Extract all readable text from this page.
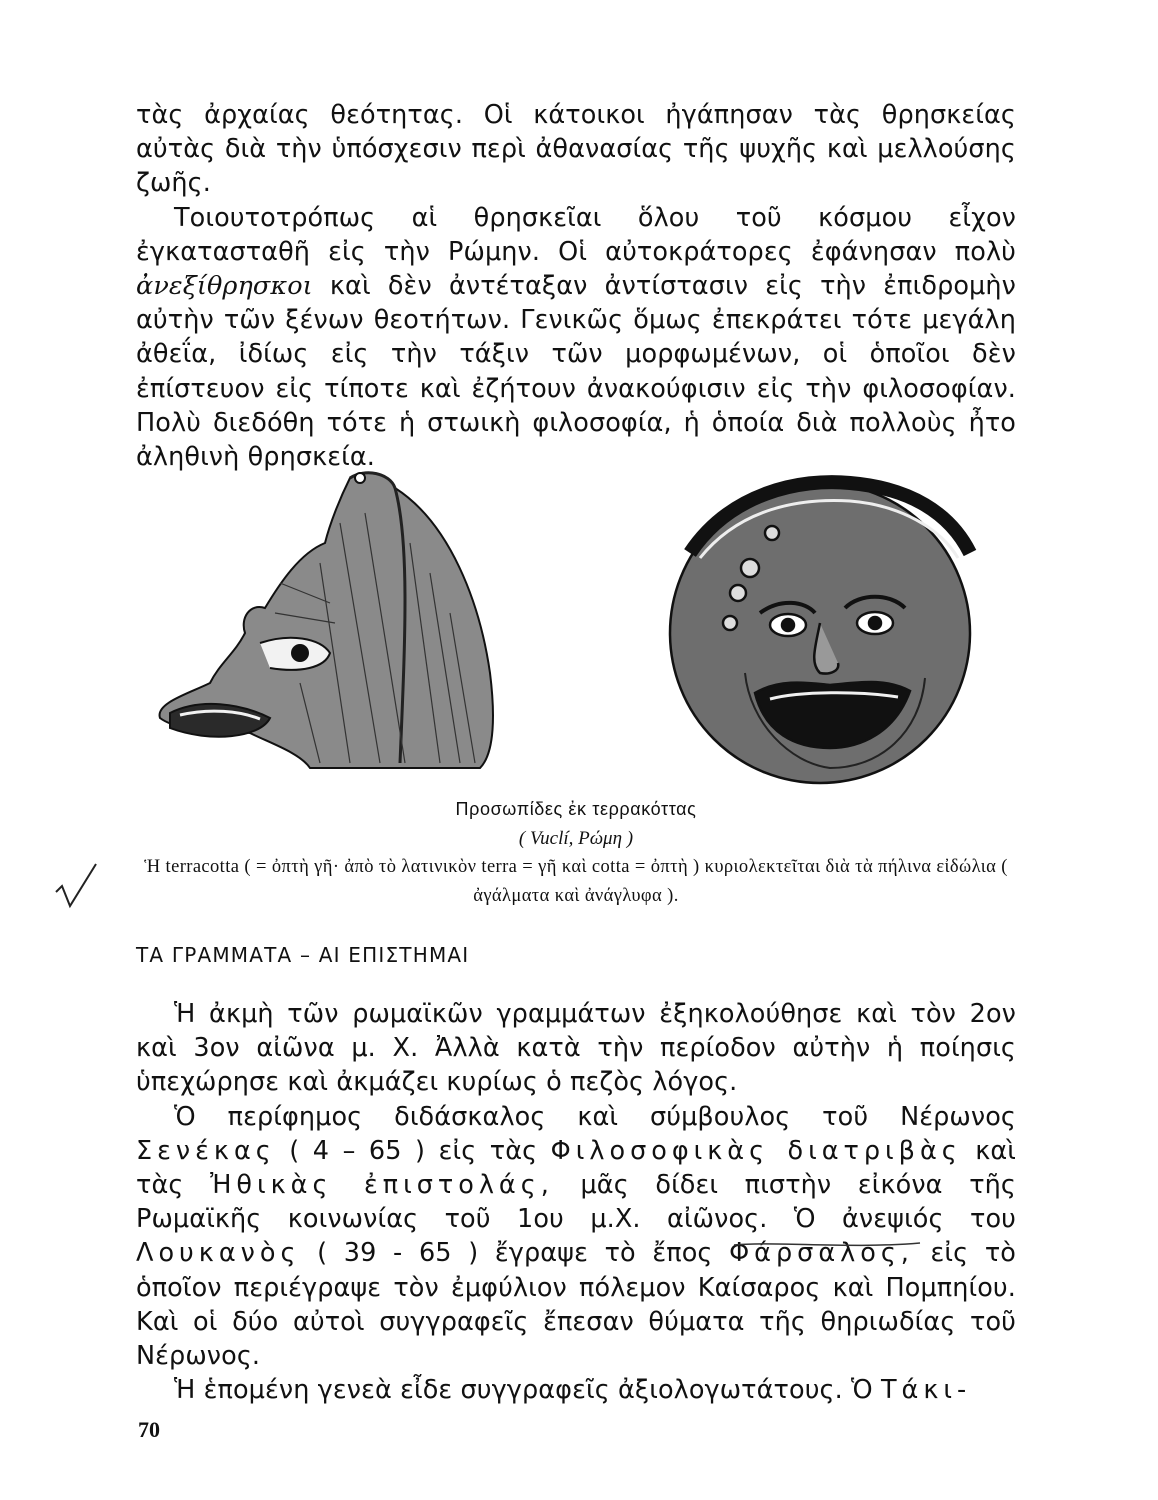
τὰς ἀρχαίας θεότητας. Οἱ κάτοικοι ἠγάπησαν τὰς θρησκείας αὐτὰς διὰ τὴν ὑπόσχεσιν περὶ ἀθανασίας τῆς ψυχῆς καὶ μελλούσης ζωῆς.

Τοιουτοτρόπως αἱ θρησκεῖαι ὅλου τοῦ κόσμου εἶχον ἐγκατασταθῆ εἰς τὴν Ρώμην. Οἱ αὐτοκράτορες ἐφάνησαν πολὺ ἀνεξίθρησκοι καὶ δὲν ἀντέταξαν ἀντίστασιν εἰς τὴν ἐπιδρομὴν αὐτὴν τῶν ξένων θεοτήτων. Γενικῶς ὅμως ἐπεκράτει τότε μεγάλη ἀθεΐα, ἰδίως εἰς τὴν τάξιν τῶν μορφωμένων, οἱ ὁποῖοι δὲν ἐπίστευον εἰς τίποτε καὶ ἐζήτουν ἀνακούφισιν εἰς τὴν φιλοσοφίαν. Πολὺ διεδόθη τότε ἡ στωικὴ φιλοσοφία, ἡ ὁποία διὰ πολλοὺς ἦτο ἀληθινὴ θρησκεία.

Προσωπίδες ἐκ τερρακόττας
( Vuclí, Ρώμη )
Ἡ terracotta ( = ὀπτὴ γῆ· ἀπὸ τὸ λατινικὸν terra = γῆ καὶ cotta = ὀπτὴ ) κυριολεκτεῖται διὰ τὰ πήλινα εἰδώλια ( ἀγάλματα καὶ ἀνάγλυφα ).
ΤΑ ΓΡΑΜΜΑΤΑ – ΑΙ ΕΠΙΣΤΗΜΑΙ

Ἡ ἀκμὴ τῶν ρωμαϊκῶν γραμμάτων ἐξηκολούθησε καὶ τὸν 2ον καὶ 3ον αἰῶνα μ. Χ. Ἀλλὰ κατὰ τὴν περίοδον αὐτὴν ἡ ποίησις ὑπεχώρησε καὶ ἀκμάζει κυρίως ὁ πεζὸς λόγος.

Ὁ περίφημος διδάσκαλος καὶ σύμβουλος τοῦ Νέρωνος Σενέκας ( 4 – 65 ) εἰς τὰς Φιλοσοφικὰς διατριβὰς καὶ τὰς Ἠθικὰς ἐπιστολάς, μᾶς δίδει πιστὴν εἰκόνα τῆς Ρωμαϊκῆς κοινωνίας τοῦ 1ου μ.Χ. αἰῶνος. Ὁ ἀνεψιός του Λουκανὸς ( 39 - 65 ) ἔγραψε τὸ ἔπος Φάρσαλος, εἰς τὸ ὁποῖον περιέγραψε τὸν ἐμφύλιον πόλεμον Καίσαρος καὶ Πομπηίου. Καὶ οἱ δύο αὐτοὶ συγγραφεῖς ἔπεσαν θύματα τῆς θηριωδίας τοῦ Νέρωνος.

Ἡ ἑπομένη γενεὰ εἶδε συγγραφεῖς ἀξιολογωτάτους. Ὁ Τάκι-

70
